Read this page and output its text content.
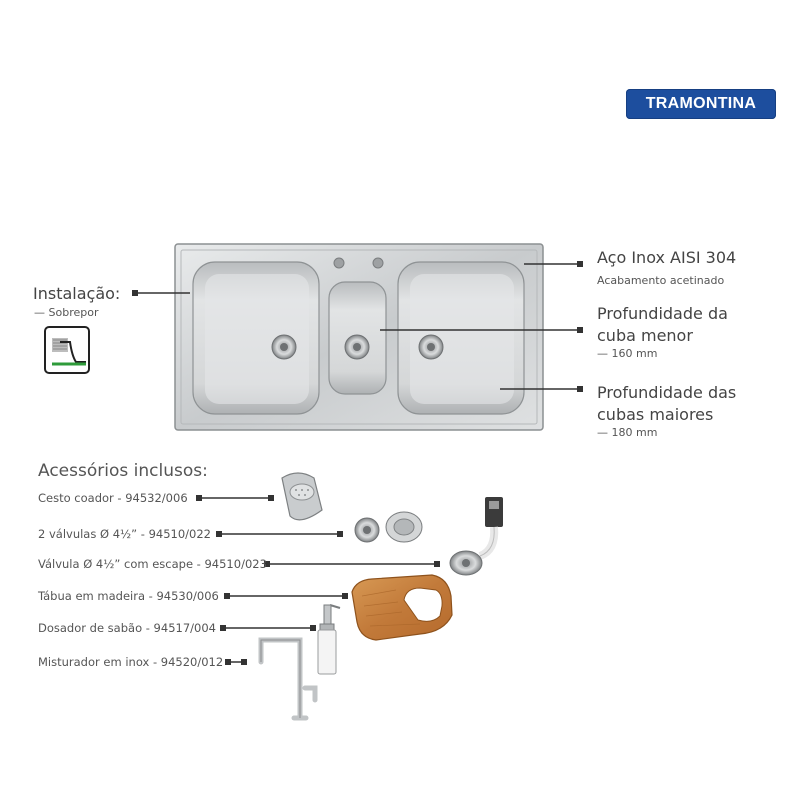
TRAMONTINA
Instalação:
— Sobrepor
Aço Inox AISI 304
Acabamento acetinado
Profundidade da
cuba menor
— 160 mm
Profundidade das
cubas maiores
— 180 mm
Acessórios inclusos:
Cesto coador - 94532/006
2 válvulas Ø 4½” - 94510/022
Válvula Ø 4½” com escape - 94510/023
Tábua em madeira - 94530/006
Dosador de sabão - 94517/004
Misturador em inox - 94520/012
